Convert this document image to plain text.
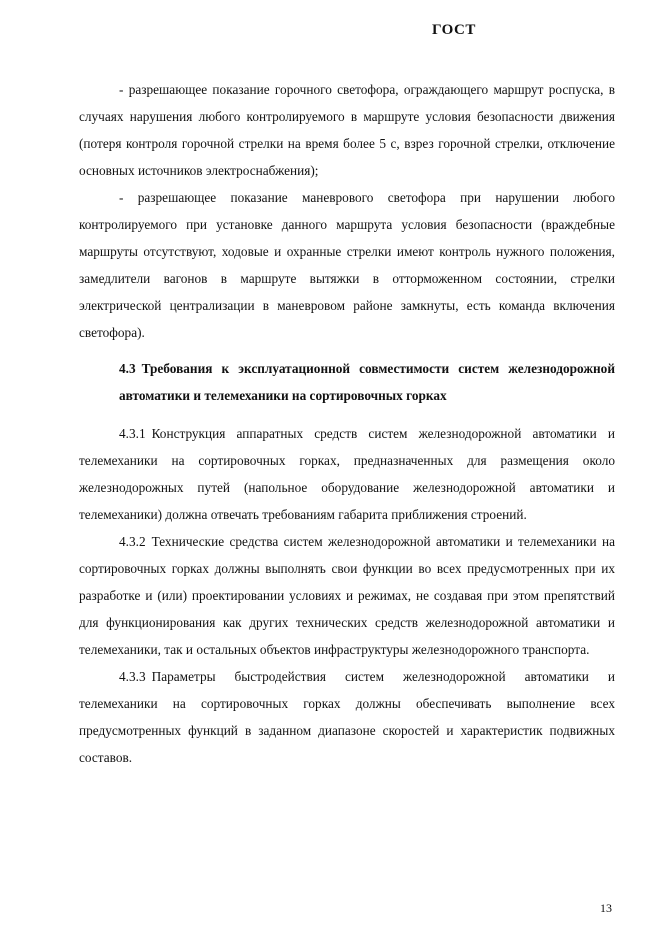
ГОСТ

- разрешающее показание горочного светофора, ограждающего маршрут роспуска, в случаях нарушения любого контролируемого в маршруте условия безопасности движения (потеря контроля горочной стрелки на время более 5 с, взрез горочной стрелки, отключение основных источников электроснабжения);

- разрешающее показание маневрового светофора при нарушении любого контролируемого при установке данного маршрута условия безопасности (враждебные маршруты отсутствуют, ходовые и охранные стрелки имеют контроль нужного положения, замедлители вагонов в маршруте вытяжки в отторможенном состоянии, стрелки электрической централизации в маневровом районе замкнуты, есть команда включения светофора).

4.3 Требования к эксплуатационной совместимости систем железнодорожной автоматики и телемеханики на сортировочных горках

4.3.1 Конструкция аппаратных средств систем железнодорожной автоматики и телемеханики на сортировочных горках, предназначенных для размещения около железнодорожных путей (напольное оборудование железнодорожной автоматики и телемеханики) должна отвечать требованиям габарита приближения строений.

4.3.2 Технические средства систем железнодорожной автоматики и телемеханики на сортировочных горках должны выполнять свои функции во всех предусмотренных при их разработке и (или) проектировании условиях и режимах, не создавая при этом препятствий для функционирования как других технических средств железнодорожной автоматики и телемеханики, так и остальных объектов инфраструктуры железнодорожного транспорта.

4.3.3 Параметры быстродействия систем железнодорожной автоматики и телемеханики на сортировочных горках должны обеспечивать выполнение всех предусмотренных функций в заданном диапазоне скоростей и характеристик подвижных составов.

13
